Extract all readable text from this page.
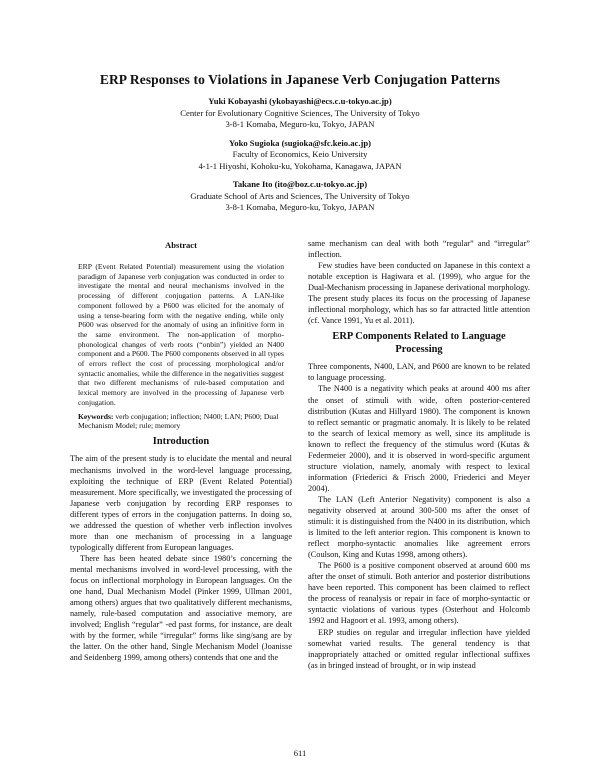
ERP Responses to Violations in Japanese Verb Conjugation Patterns
Yuki Kobayashi (ykobayashi@ecs.c.u-tokyo.ac.jp)
Center for Evolutionary Cognitive Sciences, The University of Tokyo
3-8-1 Komaba, Meguro-ku, Tokyo, JAPAN
Yoko Sugioka (sugioka@sfc.keio.ac.jp)
Faculty of Economics, Keio University
4-1-1 Hiyoshi, Kohoku-ku, Yokohama, Kanagawa, JAPAN
Takane Ito (ito@boz.c.u-tokyo.ac.jp)
Graduate School of Arts and Sciences, The University of Tokyo
3-8-1 Komaba, Meguro-ku, Tokyo, JAPAN
Abstract

ERP (Event Related Potential) measurement using the violation paradigm of Japanese verb conjugation was conducted in order to investigate the mental and neural mechanisms involved in the processing of different conjugation patterns. A LAN-like component followed by a P600 was elicited for the anomaly of using a tense-bearing form with the negative ending, while only P600 was observed for the anomaly of using an infinitive form in the same environment. The non-application of morpho-phonological changes of verb roots (“onbin”) yielded an N400 component and a P600. The P600 components observed in all types of errors reflect the cost of processing morphological and/or syntactic anomalies, while the difference in the negativities suggest that two different mechanisms of rule-based computation and lexical memory are involved in the processing of Japanese verb conjugation.

Keywords: verb conjugation; inflection; N400; LAN; P600; Dual Mechanism Model; rule; memory
Introduction

The aim of the present study is to elucidate the mental and neural mechanisms involved in the word-level language processing, exploiting the technique of ERP (Event Related Potential) measurement. More specifically, we investigated the processing of Japanese verb conjugation by recording ERP responses to different types of errors in the conjugation patterns. In doing so, we addressed the question of whether verb inflection involves more than one mechanism of processing in a language typologically different from European languages.

There has been heated debate since 1980’s concerning the mental mechanisms involved in word-level processing, with the focus on inflectional morphology in European languages. On the one hand, Dual Mechanism Model (Pinker 1999, Ullman 2001, among others) argues that two qualitatively different mechanisms, namely, rule-based computation and associative memory, are involved; English “regular” -ed past forms, for instance, are dealt with by the former, while “irregular” forms like sing/sang are by the latter. On the other hand, Single Mechanism Model (Joanisse and Seidenberg 1999, among others) contends that one and the

same mechanism can deal with both “regular” and “irregular” inflection.

Few studies have been conducted on Japanese in this context a notable exception is Hagiwara et al. (1999), who argue for the Dual-Mechanism processing in Japanese derivational morphology. The present study places its focus on the processing of Japanese inflectional morphology, which has so far attracted little attention (cf. Vance 1991, Yu et al. 2011).

ERP Components Related to Language Processing

Three components, N400, LAN, and P600 are known to be related to language processing.

The N400 is a negativity which peaks at around 400 ms after the onset of stimuli with wide, often posterior-centered distribution (Kutas and Hillyard 1980). The component is known to reflect semantic or pragmatic anomaly. It is likely to be related to the search of lexical memory as well, since its amplitude is known to reflect the frequency of the stimulus word (Kutas & Federmeier 2000), and it is observed in word-specific argument structure violation, namely, anomaly with respect to lexical information (Friederici & Frisch 2000, Friederici and Meyer 2004).

The LAN (Left Anterior Negativity) component is also a negativity observed at around 300-500 ms after the onset of stimuli: it is distinguished from the N400 in its distribution, which is limited to the left anterior region. This component is known to reflect morpho-syntactic anomalies like agreement errors (Coulson, King and Kutas 1998, among others).

The P600 is a positive component observed at around 600 ms after the onset of stimuli. Both anterior and posterior distributions have been reported. This component has been claimed to reflect the process of reanalysis or repair in face of morpho-syntactic or syntactic violations of various types (Osterhout and Holcomb 1992 and Hagoort et al. 1993, among others).

ERP studies on regular and irregular inflection have yielded somewhat varied results. The general tendency is that inappropriately attached or omitted regular inflectional suffixes (as in bringed instead of brought, or in wip instead

611
